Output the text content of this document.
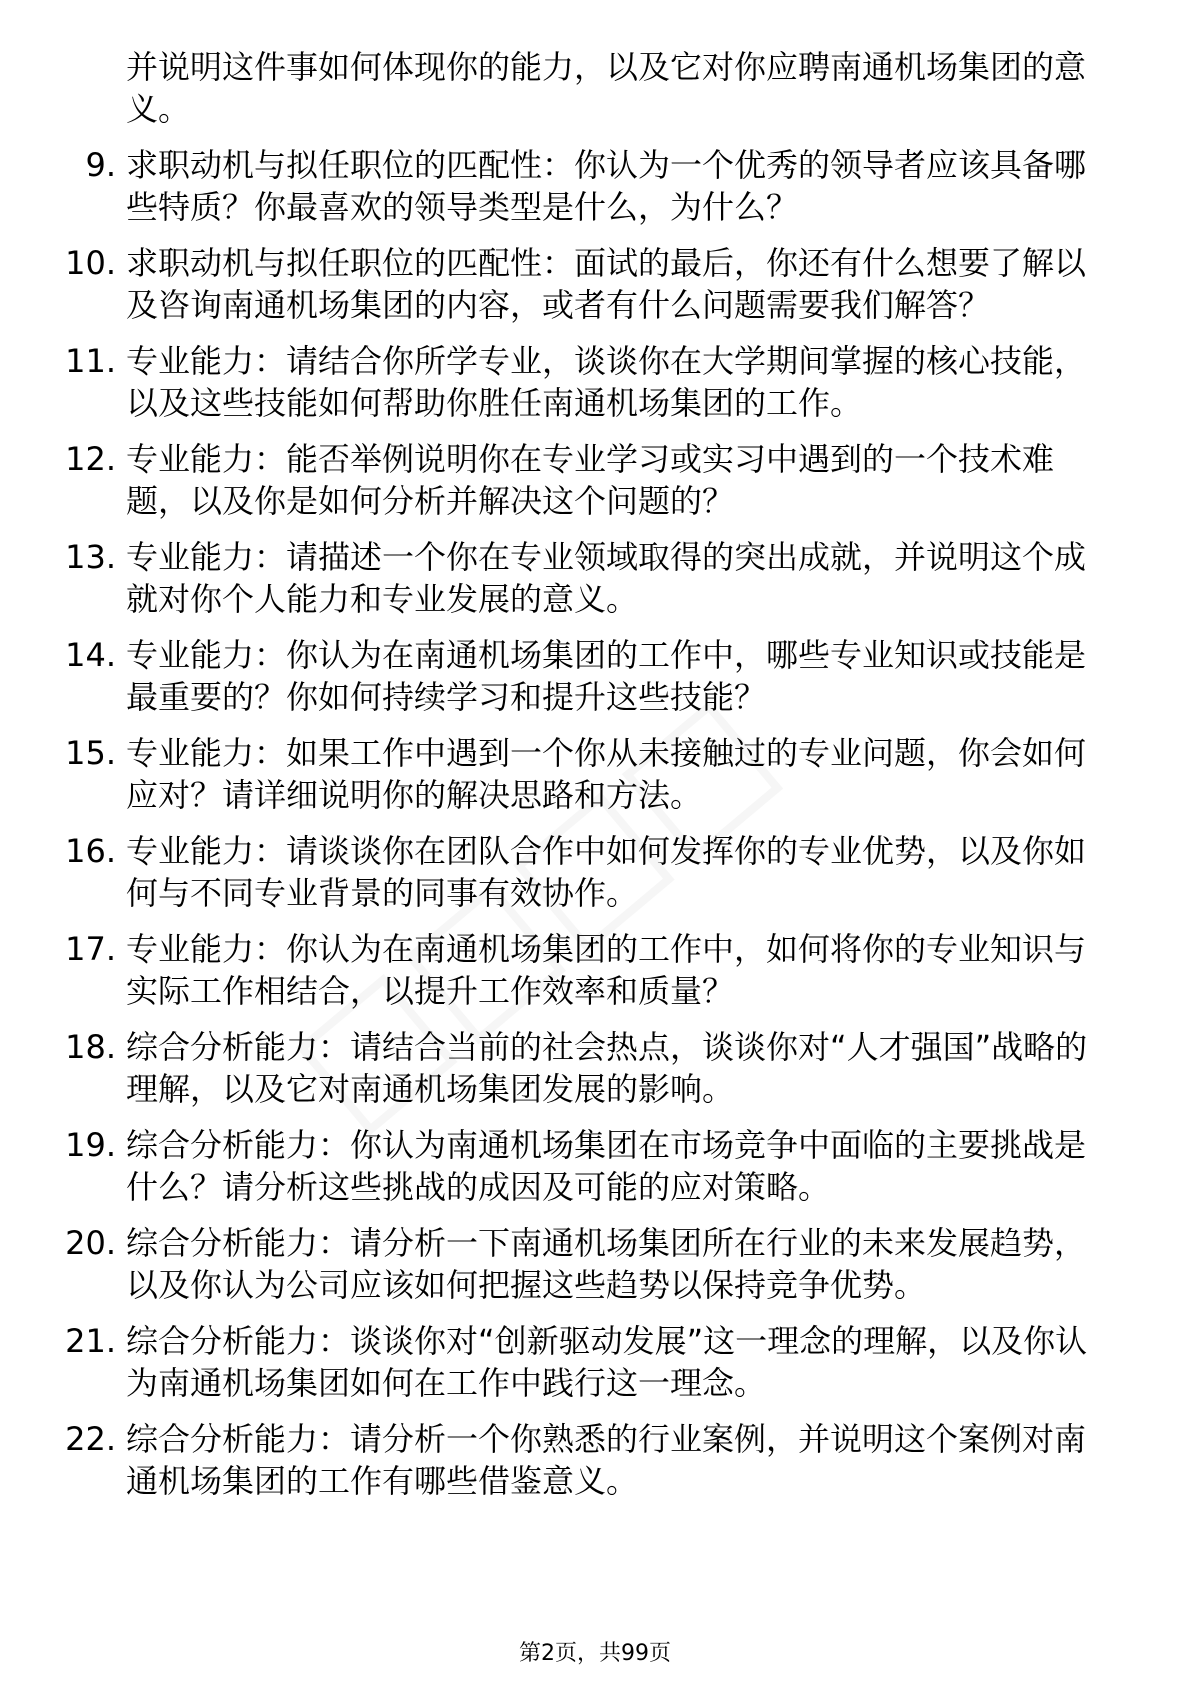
并说明这件事如何体现你的能力，以及它对你应聘南通机场集团的意义。
9. 求职动机与拟任职位的匹配性：你认为一个优秀的领导者应该具备哪些特质？你最喜欢的领导类型是什么，为什么？
10. 求职动机与拟任职位的匹配性：面试的最后，你还有什么想要了解以及咨询南通机场集团的内容，或者有什么问题需要我们解答？
11. 专业能力：请结合你所学专业，谈谈你在大学期间掌握的核心技能，以及这些技能如何帮助你胜任南通机场集团的工作。
12. 专业能力：能否举例说明你在专业学习或实习中遇到的一个技术难题，以及你是如何分析并解决这个问题的？
13. 专业能力：请描述一个你在专业领域取得的突出成就，并说明这个成就对你个人能力和专业发展的意义。
14. 专业能力：你认为在南通机场集团的工作中，哪些专业知识或技能是最重要的？你如何持续学习和提升这些技能？
15. 专业能力：如果工作中遇到一个你从未接触过的专业问题，你会如何应对？请详细说明你的解决思路和方法。
16. 专业能力：请谈谈你在团队合作中如何发挥你的专业优势，以及你如何与不同专业背景的同事有效协作。
17. 专业能力：你认为在南通机场集团的工作中，如何将你的专业知识与实际工作相结合，以提升工作效率和质量？
18. 综合分析能力：请结合当前的社会热点，谈谈你对“人才强国”战略的理解，以及它对南通机场集团发展的影响。
19. 综合分析能力：你认为南通机场集团在市场竞争中面临的主要挑战是什么？请分析这些挑战的成因及可能的应对策略。
20. 综合分析能力：请分析一下南通机场集团所在行业的未来发展趋势，以及你认为公司应该如何把握这些趋势以保持竞争优势。
21. 综合分析能力：谈谈你对“创新驱动发展”这一理念的理解，以及你认为南通机场集团如何在工作中践行这一理念。
22. 综合分析能力：请分析一个你熟悉的行业案例，并说明这个案例对南通机场集团的工作有哪些借鉴意义。
第2页，共99页
